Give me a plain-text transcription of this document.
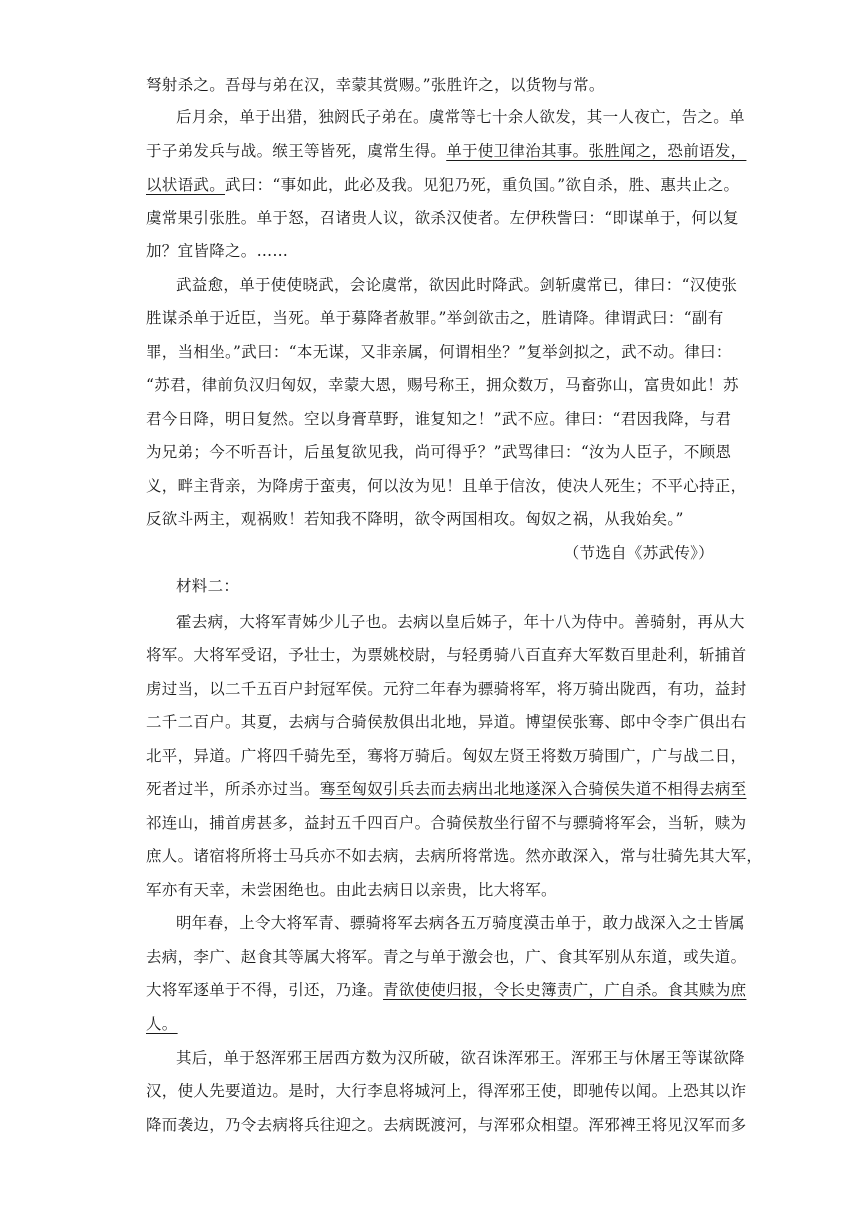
弩射杀之。吾母与弟在汉，幸蒙其赏赐。”张胜许之，以货物与常。
后月余，单于出猎，独阏氏子弟在。虞常等七十余人欲发，其一人夜亡，告之。单
于子弟发兵与战。缑王等皆死，虞常生得。单于使卫律治其事。张胜闻之，恐前语发，
以状语武。武曰：“事如此，此必及我。见犯乃死，重负国。”欲自杀，胜、惠共止之。
虞常果引张胜。单于怒，召诸贵人议，欲杀汉使者。左伊秩訾曰：“即谋单于，何以复
加？宜皆降之。……
武益愈，单于使使晓武，会论虞常，欲因此时降武。剑斩虞常已，律曰：“汉使张
胜谋杀单于近臣，当死。单于募降者赦罪。”举剑欲击之，胜请降。律谓武曰：“副有
罪，当相坐。”武曰：“本无谋，又非亲属，何谓相坐？”复举剑拟之，武不动。律曰：
“苏君，律前负汉归匈奴，幸蒙大恩，赐号称王，拥众数万，马畜弥山，富贵如此！苏
君今日降，明日复然。空以身膏草野，谁复知之！”武不应。律曰：“君因我降，与君
为兄弟；今不听吾计，后虽复欲见我，尚可得乎？”武骂律曰：“汝为人臣子，不顾恩
义，畔主背亲，为降虏于蛮夷，何以汝为见！且单于信汝，使决人死生；不平心持正，
反欲斗两主，观祸败！若知我不降明，欲令两国相攻。匈奴之祸，从我始矣。”
（节选自《苏武传》）
材料二：
霍去病，大将军青姊少儿子也。去病以皇后姊子，年十八为侍中。善骑射，再从大
将军。大将军受诏，予壮士，为票姚校尉，与轻勇骑八百直弃大军数百里赴利，斩捕首
虏过当，以二千五百户封冠军侯。元狩二年春为骠骑将军，将万骑出陇西，有功，益封
二千二百户。其夏，去病与合骑侯敖俱出北地，异道。博望侯张骞、郎中令李广俱出右
北平，异道。广将四千骑先至，骞将万骑后。匈奴左贤王将数万骑围广，广与战二日，
死者过半，所杀亦过当。骞至匈奴引兵去而去病出北地遂深入合骑侯失道不相得去病至
祁连山，捕首虏甚多，益封五千四百户。合骑侯敖坐行留不与骠骑将军会，当斩，赎为
庶人。诸宿将所将士马兵亦不如去病，去病所将常选。然亦敢深入，常与壮骑先其大军，
军亦有天幸，未尝困绝也。由此去病日以亲贵，比大将军。
明年春，上令大将军青、骠骑将军去病各五万骑度漠击单于，敢力战深入之士皆属
去病，李广、赵食其等属大将军。青之与单于激会也，广、食其军别从东道，或失道。
大将军逐单于不得，引还，乃逢。青欲使使归报，令长史簿责广，广自杀。食其赎为庶
人。
其后，单于怒浑邪王居西方数为汉所破，欲召诛浑邪王。浑邪王与休屠王等谋欲降
汉，使人先要道边。是时，大行李息将城河上，得浑邪王使，即驰传以闻。上恐其以诈
降而袭边，乃令去病将兵往迎之。去病既渡河，与浑邪众相望。浑邪裨王将见汉军而多
